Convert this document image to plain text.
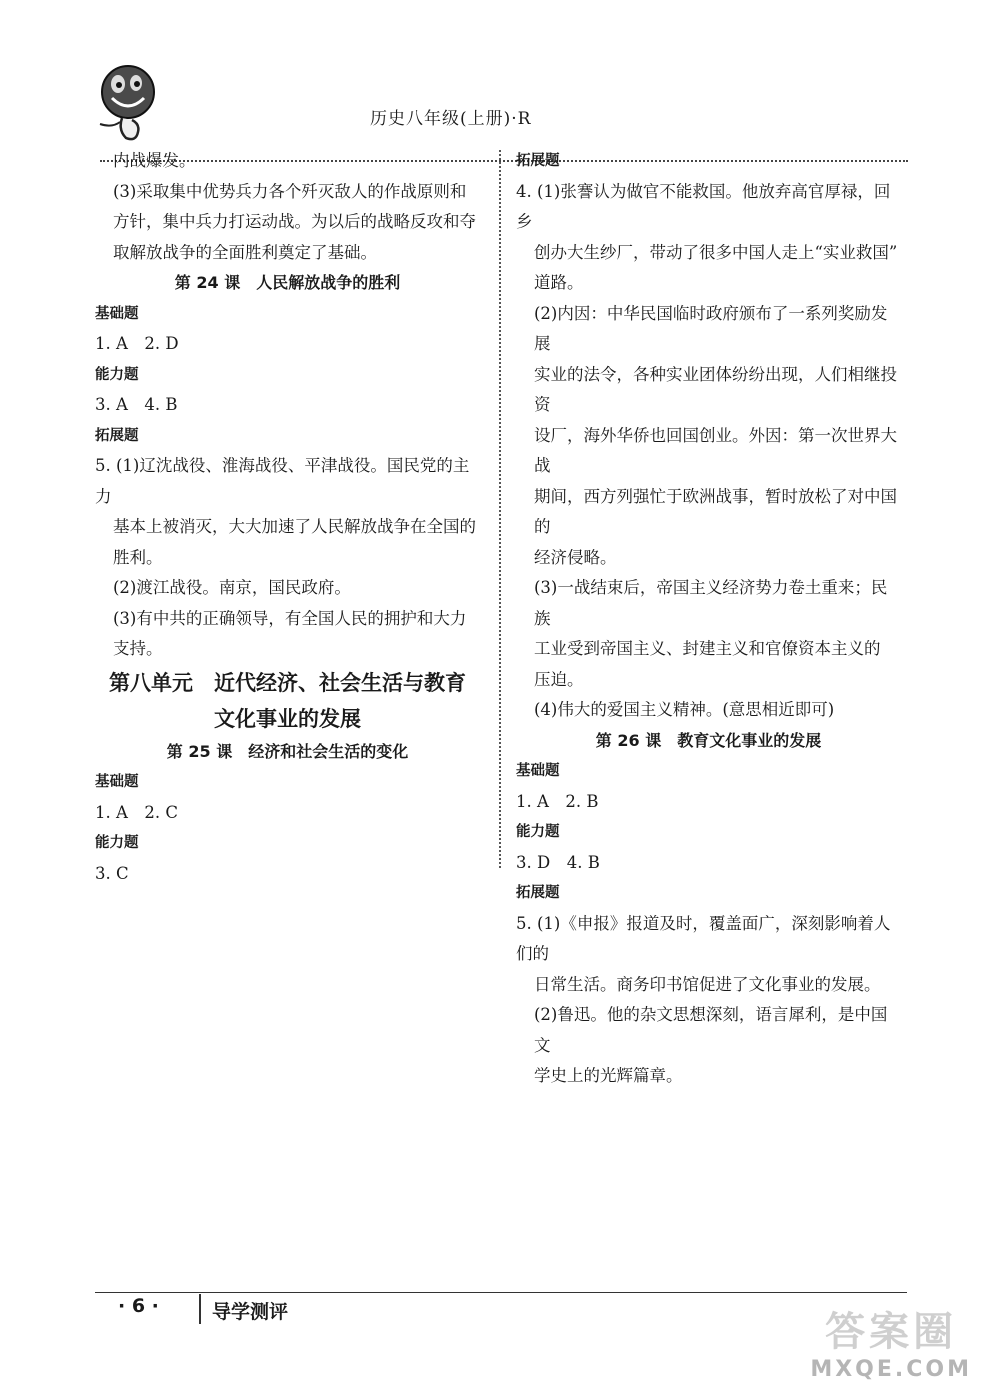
历史八年级(上册)·R

内战爆发。

(3)采取集中优势兵力各个歼灭敌人的作战原则和

方针，集中兵力打运动战。为以后的战略反攻和夺

取解放战争的全面胜利奠定了基础。

第 24 课　人民解放战争的胜利

基础题

1. A　2. D

能力题

3. A　4. B

拓展题

5. (1)辽沈战役、淮海战役、平津战役。国民党的主力

基本上被消灭，大大加速了人民解放战争在全国的

胜利。

(2)渡江战役。南京，国民政府。

(3)有中共的正确领导，有全国人民的拥护和大力

支持。

第八单元　近代经济、社会生活与教育

文化事业的发展

第 25 课　经济和社会生活的变化

基础题

1. A　2. C

能力题

3. C

拓展题

4. (1)张謇认为做官不能救国。他放弃高官厚禄，回乡

创办大生纱厂，带动了很多中国人走上“实业救国”

道路。

(2)内因：中华民国临时政府颁布了一系列奖励发展

实业的法令，各种实业团体纷纷出现，人们相继投资

设厂，海外华侨也回国创业。外因：第一次世界大战

期间，西方列强忙于欧洲战事，暂时放松了对中国的

经济侵略。

(3)一战结束后，帝国主义经济势力卷土重来；民族

工业受到帝国主义、封建主义和官僚资本主义的

压迫。

(4)伟大的爱国主义精神。(意思相近即可)

第 26 课　教育文化事业的发展

基础题

1. A　2. B

能力题

3. D　4. B

拓展题

5. (1)《申报》报道及时，覆盖面广，深刻影响着人们的

日常生活。商务印书馆促进了文化事业的发展。

(2)鲁迅。他的杂文思想深刻，语言犀利，是中国文

学史上的光辉篇章。

· 6 ·	导学测评	答案圈
MXQE.COM
